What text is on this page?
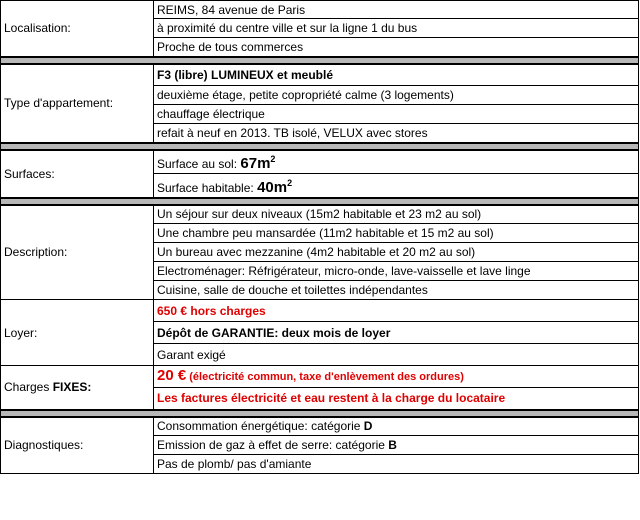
Localisation:	REIMS, 84 avenue de Paris
	à proximité du centre ville et sur la ligne 1 du bus
	Proche de tous commerces

Type d'appartement:	F3 (libre) LUMINEUX et meublé
	deuxième étage, petite copropriété calme (3 logements)
	chauffage électrique
	refait à neuf en 2013. TB isolé, VELUX avec stores

Surfaces:	Surface au sol: $67m^2$
	Surface habitable: $40m^2$

Description:	Un séjour sur deux niveaux (15m2 habitable et 23 m2 au sol)
	Une chambre peu mansardée (11m2 habitable et 15 m2 au sol)
	Un bureau avec mezzanine (4m2 habitable et 20 m2 au sol)
	Electroménager: Réfrigérateur, micro-onde, lave-vaisselle et lave linge
	Cuisine, salle de douche et toilettes indépendantes
Loyer:	650 € hors charges
	Dépôt de GARANTIE: deux mois de loyer
	Garant exigé
Charges FIXES:	20 € (électricité commun, taxe d'enlèvement des ordures)
	Les factures électricité et eau restent à la charge du locataire

Diagnostiques:	Consommation énergétique: catégorie D
	Emission de gaz à effet de serre: catégorie B
	Pas de plomb/ pas d'amiante
